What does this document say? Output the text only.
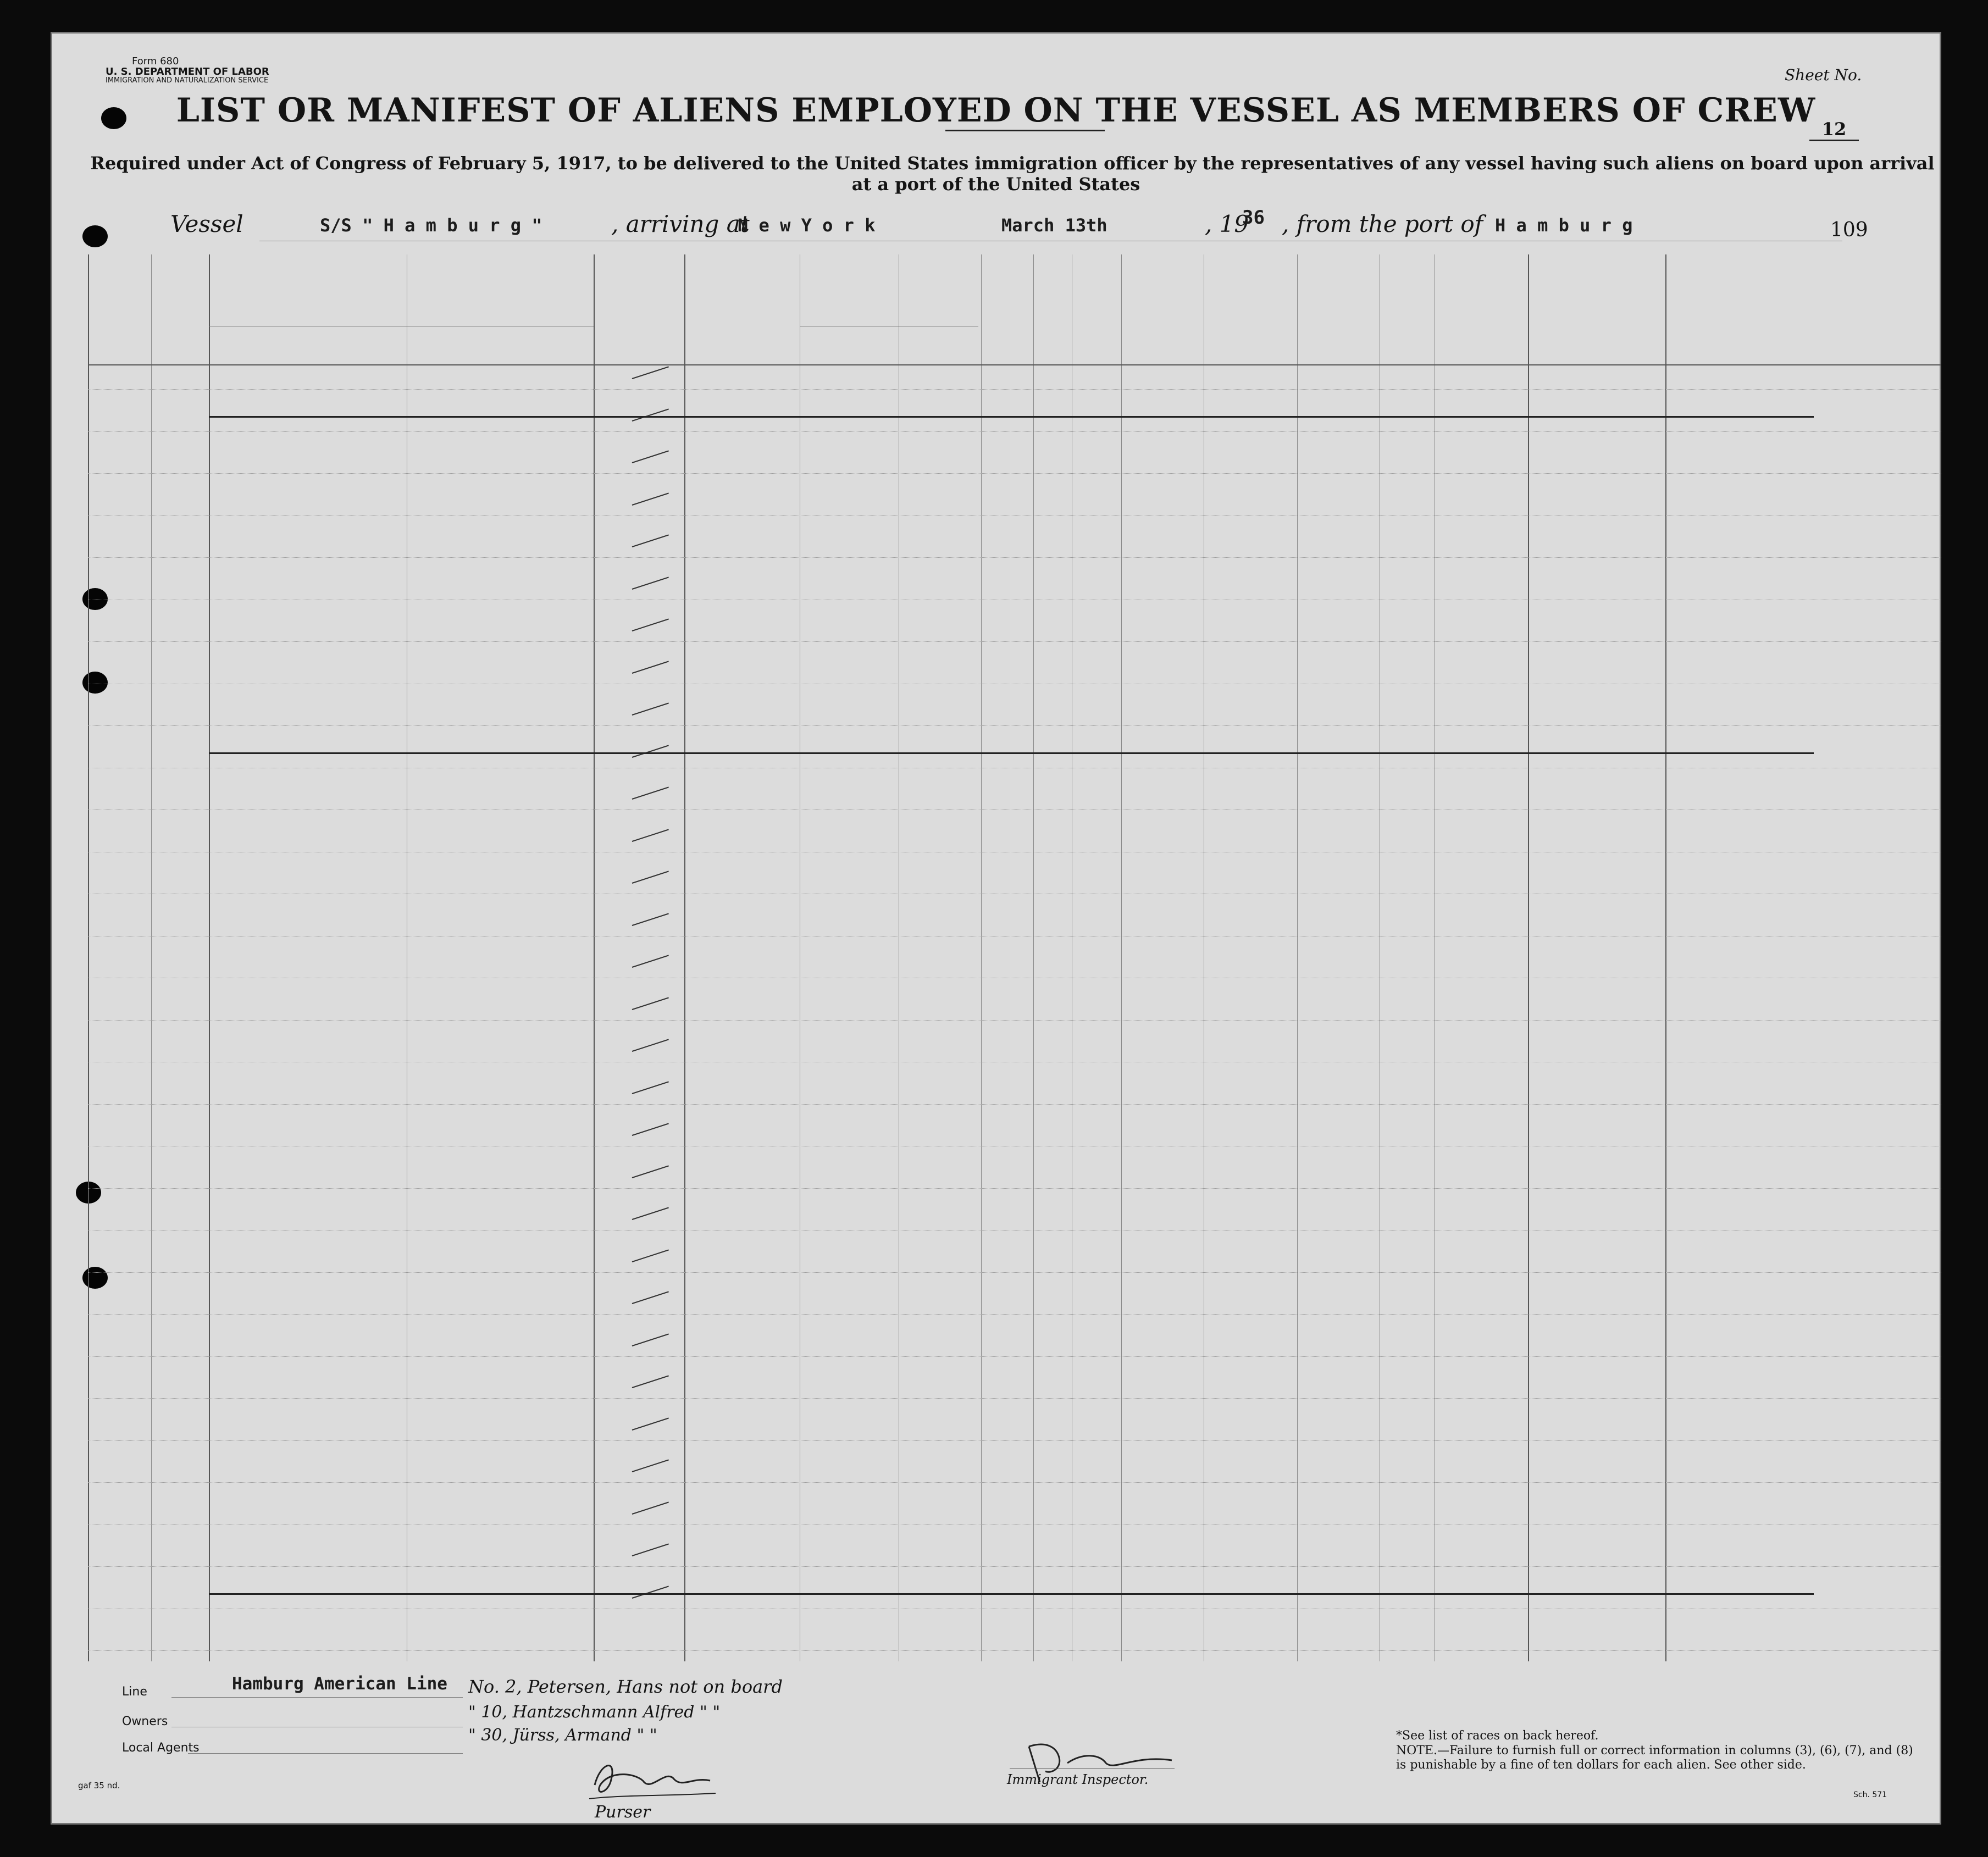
Form 680
U. S. DEPARTMENT OF LABOR
IMMIGRATION AND NATURALIZATION SERVICE
LIST OR MANIFEST OF ALIENS EMPLOYED ON THE VESSEL AS MEMBERS OF CREW
Required under Act of Congress of February 5, 1917, to be delivered to the United States immigration officer by the representatives of any vessel having such aliens on board upon arrival
at a port of the United States
Sheet No.
12
109
Vessel	S/S " H a m b u r g "	, arriving at
N e w Y o r k	March 13th	, 19
36 , from the port of H a m b u r g
Line	Hamburg American Line
Owners
Local Agents
No. 2, Petersen, Hans not on board
" 10, Hantzschmann Alfred " "
" 30, Jürss, Armand " "
Purser
Immigrant Inspector.
*See list of races on back hereof.
NOTE.—Failure to furnish full or correct information in columns (3), (6), (7), and (8)
is punishable by a fine of ten dollars for each alien. See other side.
Sch. 571
gaf 35 nd.
